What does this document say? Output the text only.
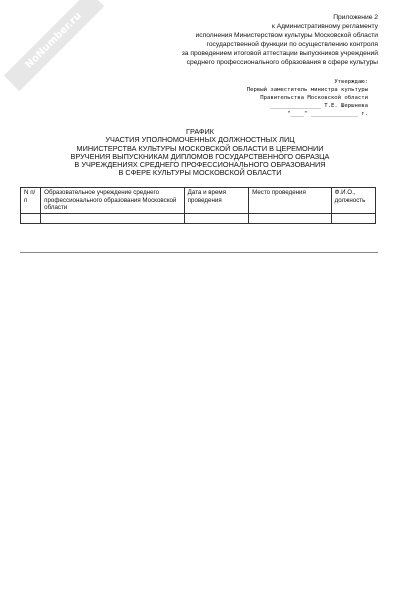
NoNumber.ru	Приложение 2
к Административному регламенту
исполнения Министерством культуры Московской области
государственной функции по осуществлению контроля
за проведением итоговой аттестации выпускников учреждений
среднего профессионального образования в сфере культуры
Утверждаю:
Первый заместитель министра культуры
Правительства Московской области
_______________ Т.Е. Шершнева
"____" ______________ г.
ГРАФИК
УЧАСТИЯ УПОЛНОМОЧЕННЫХ ДОЛЖНОСТНЫХ ЛИЦ
МИНИСТЕРСТВА КУЛЬТУРЫ МОСКОВСКОЙ ОБЛАСТИ В ЦЕРЕМОНИИ
ВРУЧЕНИЯ ВЫПУСКНИКАМ ДИПЛОМОВ ГОСУДАРСТВЕННОГО ОБРАЗЦА
В УЧРЕЖДЕНИЯХ СРЕДНЕГО ПРОФЕССИОНАЛЬНОГО ОБРАЗОВАНИЯ
В СФЕРЕ КУЛЬТУРЫ МОСКОВСКОЙ ОБЛАСТИ
N п/п	Образовательное учреждение среднего профессионального образования Московской области	Дата и время проведения	Место проведения	Ф.И.О., должность
